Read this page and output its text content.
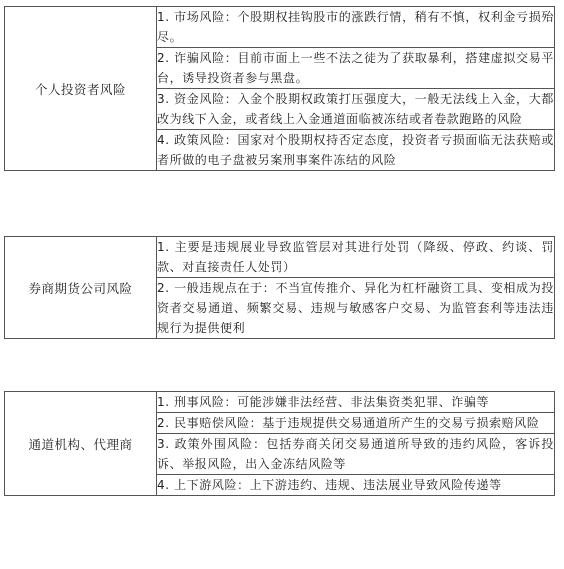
个人投资者风险	1. 市场风险：个股期权挂钩股市的涨跌行情，稍有不慎，权利金亏损殆尽。
2. 诈骗风险：目前市面上一些不法之徒为了获取暴利，搭建虚拟交易平台，诱导投资者参与黑盘。
3. 资金风险：入金个股期权政策打压强度大，一般无法线上入金，大都改为线下入金，或者线上入金通道面临被冻结或者卷款跑路的风险
4. 政策风险：国家对个股期权持否定态度，投资者亏损面临无法获赔或者所做的电子盘被另案刑事案件冻结的风险
券商期货公司风险	1. 主要是违规展业导致监管层对其进行处罚（降级、停政、约谈、罚款、对直接责任人处罚）
2. 一般违规点在于：不当宣传推介、异化为杠杆融资工具、变相成为投资者交易通道、频繁交易、违规与敏感客户交易、为监管套利等违法违规行为提供便利
通道机构、代理商	1. 刑事风险：可能涉嫌非法经营、非法集资类犯罪、诈骗等
2. 民事赔偿风险：基于违规提供交易通道所产生的交易亏损索赔风险
3. 政策外围风险：包括券商关闭交易通道所导致的违约风险，客诉投诉、举报风险，出入金冻结风险等
4. 上下游风险：上下游违约、违规、违法展业导致风险传递等
